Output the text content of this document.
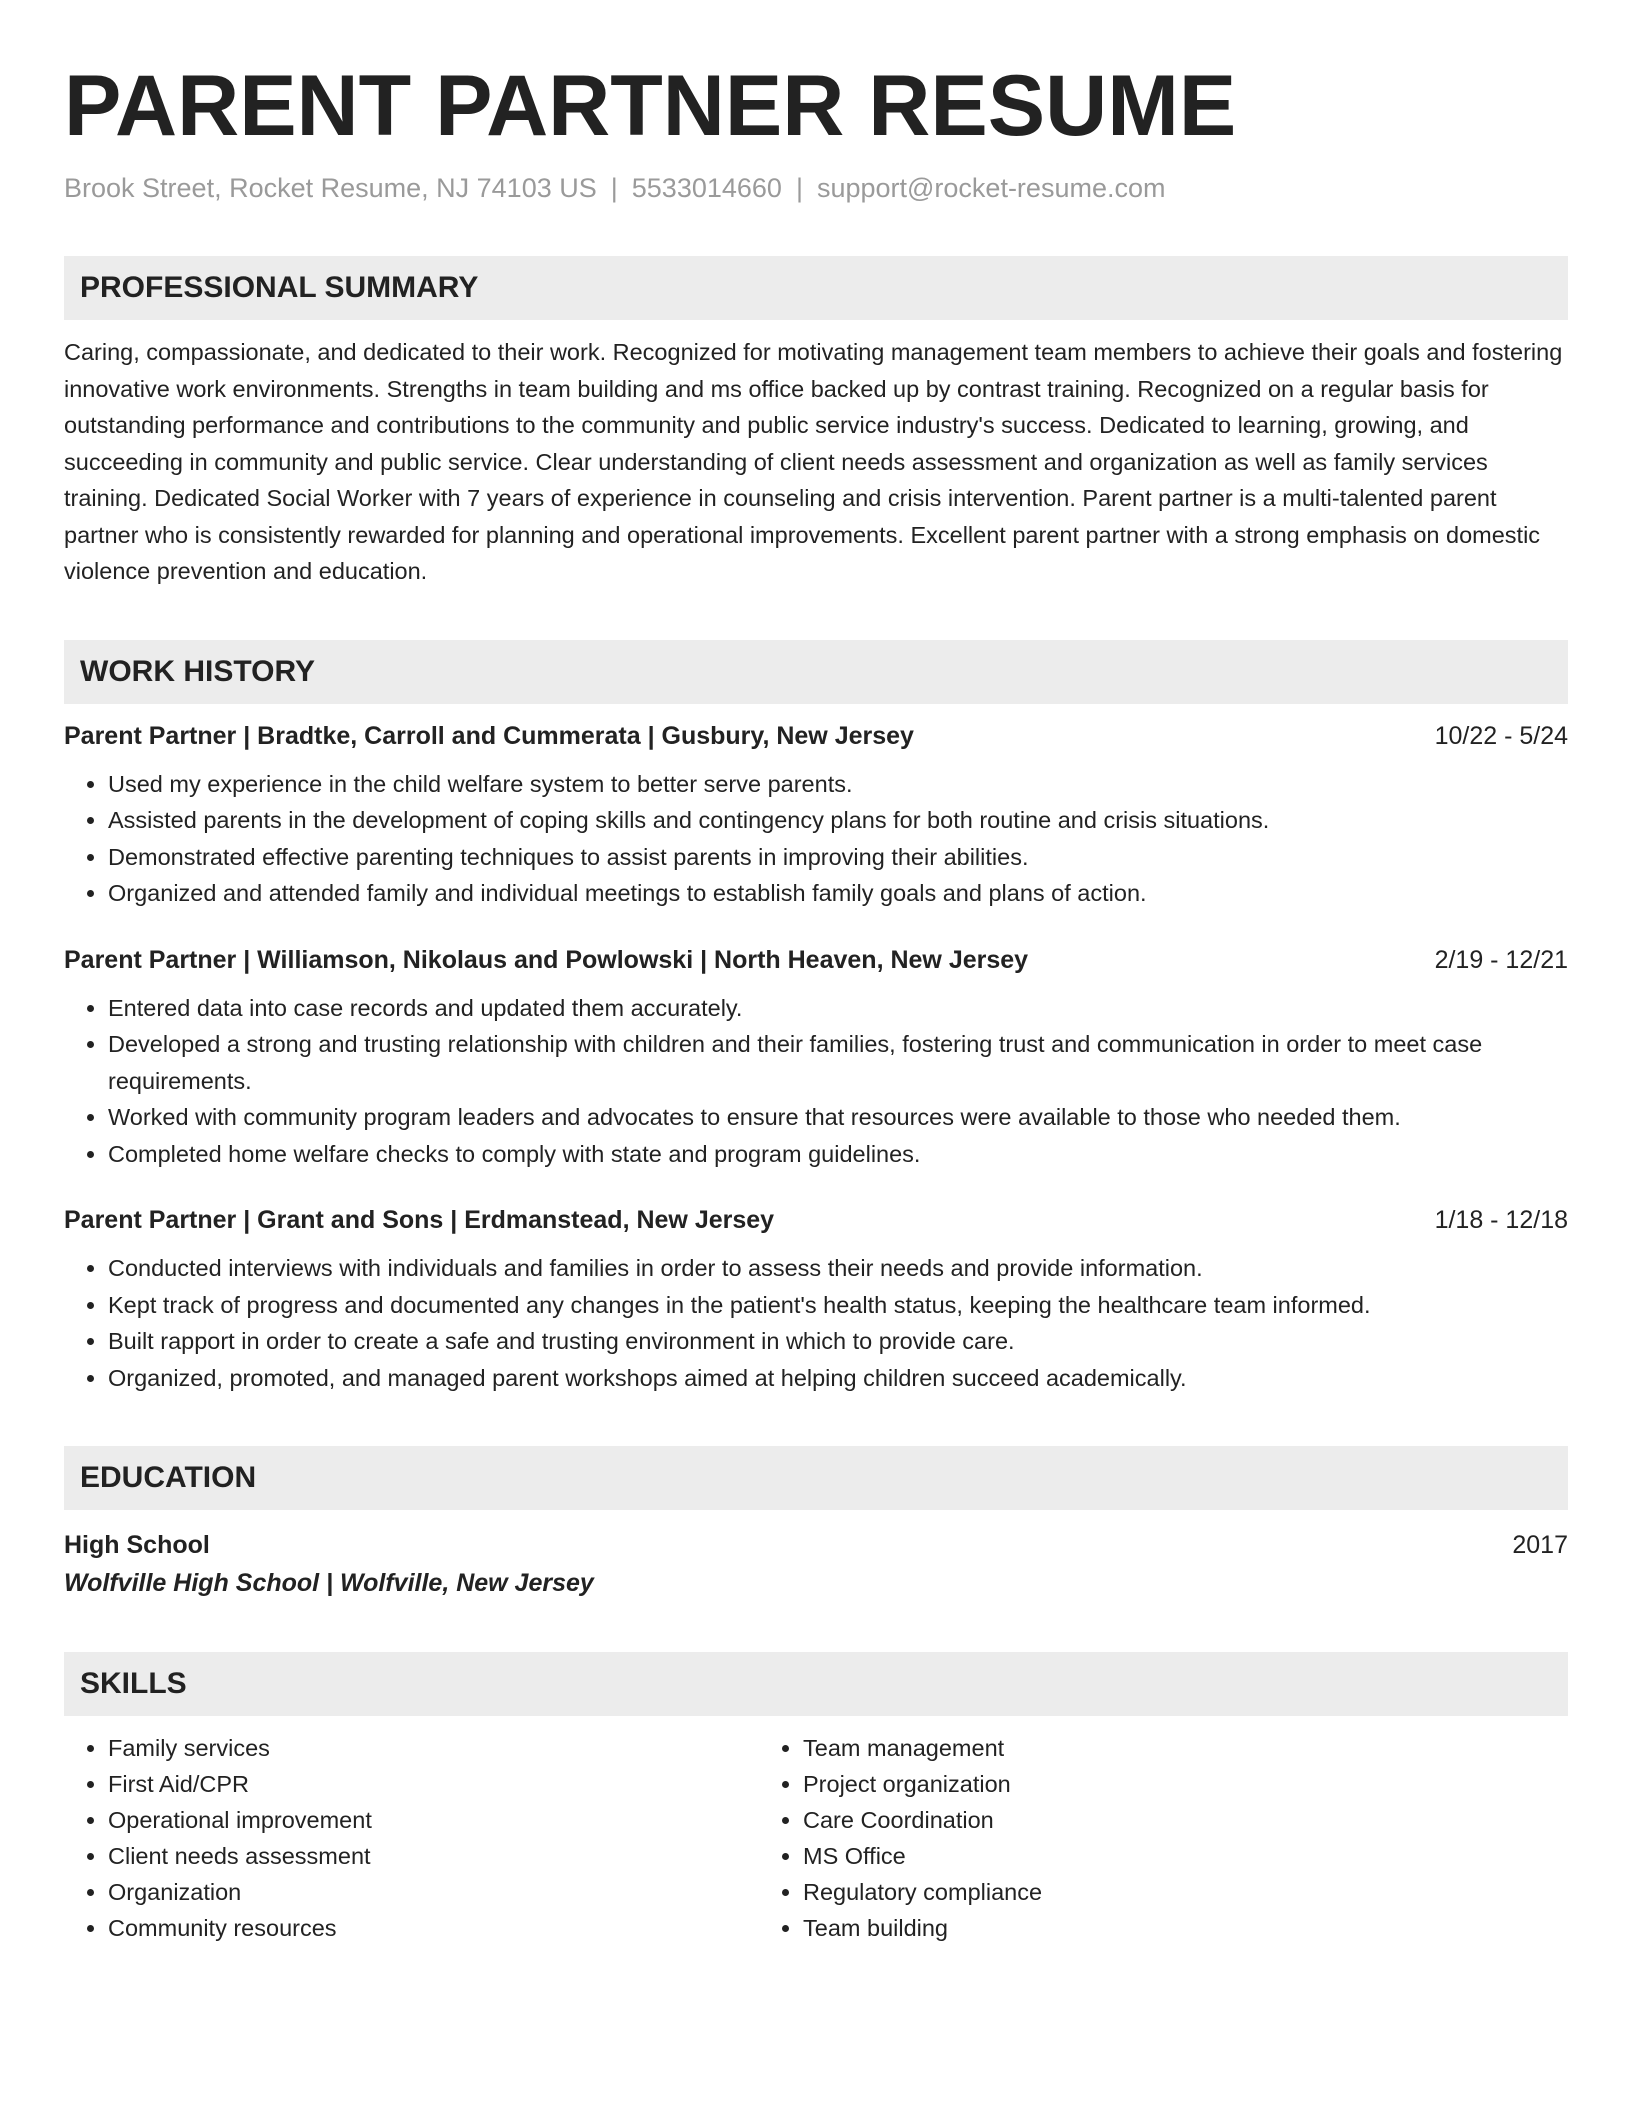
PARENT PARTNER RESUME
Brook Street, Rocket Resume, NJ 74103 US | 5533014660 | support@rocket-resume.com
PROFESSIONAL SUMMARY
Caring, compassionate, and dedicated to their work. Recognized for motivating management team members to achieve their goals and fostering innovative work environments. Strengths in team building and ms office backed up by contrast training. Recognized on a regular basis for outstanding performance and contributions to the community and public service industry's success. Dedicated to learning, growing, and succeeding in community and public service. Clear understanding of client needs assessment and organization as well as family services training. Dedicated Social Worker with 7 years of experience in counseling and crisis intervention. Parent partner is a multi-talented parent partner who is consistently rewarded for planning and operational improvements. Excellent parent partner with a strong emphasis on domestic violence prevention and education.
WORK HISTORY
Parent Partner | Bradtke, Carroll and Cummerata | Gusbury, New Jersey	10/22 - 5/24
• Used my experience in the child welfare system to better serve parents.
• Assisted parents in the development of coping skills and contingency plans for both routine and crisis situations.
• Demonstrated effective parenting techniques to assist parents in improving their abilities.
• Organized and attended family and individual meetings to establish family goals and plans of action.
Parent Partner | Williamson, Nikolaus and Powlowski | North Heaven, New Jersey	2/19 - 12/21
• Entered data into case records and updated them accurately.
• Developed a strong and trusting relationship with children and their families, fostering trust and communication in order to meet case requirements.
• Worked with community program leaders and advocates to ensure that resources were available to those who needed them.
• Completed home welfare checks to comply with state and program guidelines.
Parent Partner | Grant and Sons | Erdmanstead, New Jersey	1/18 - 12/18
• Conducted interviews with individuals and families in order to assess their needs and provide information.
• Kept track of progress and documented any changes in the patient's health status, keeping the healthcare team informed.
• Built rapport in order to create a safe and trusting environment in which to provide care.
• Organized, promoted, and managed parent workshops aimed at helping children succeed academically.
EDUCATION
High School	2017
Wolfville High School | Wolfville, New Jersey
SKILLS
• Family services
• First Aid/CPR
• Operational improvement
• Client needs assessment
• Organization
• Community resources
• Team management
• Project organization
• Care Coordination
• MS Office
• Regulatory compliance
• Team building
